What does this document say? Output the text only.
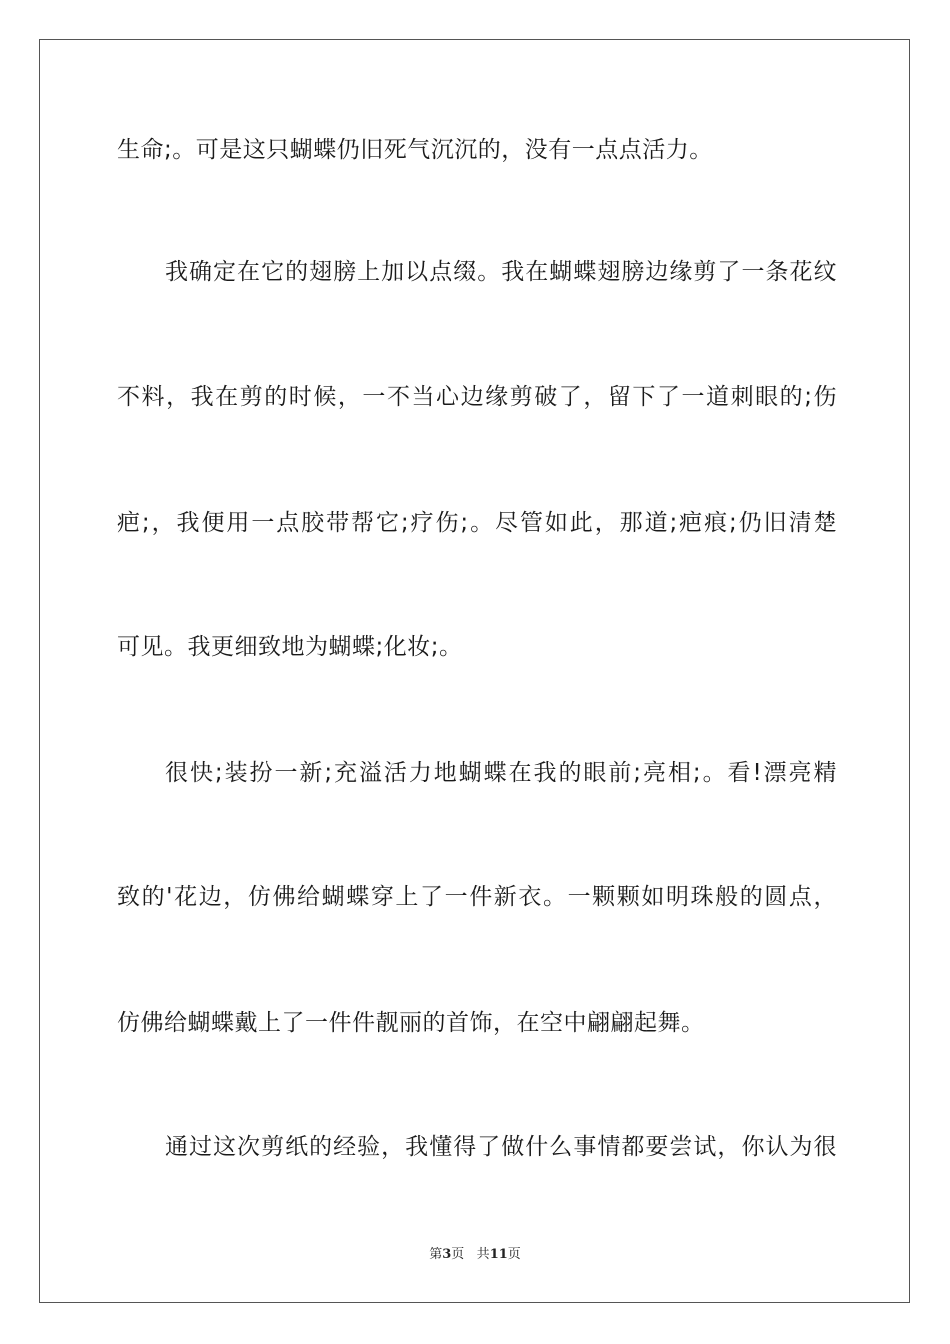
生命;。可是这只蝴蝶仍旧死气沉沉的，没有一点点活力。
我确定在它的翅膀上加以点缀。我在蝴蝶翅膀边缘剪了一条花纹
不料，我在剪的时候，一不当心边缘剪破了，留下了一道刺眼的;伤
疤;，我便用一点胶带帮它;疗伤;。尽管如此，那道;疤痕;仍旧清楚
可见。我更细致地为蝴蝶;化妆;。
很快;装扮一新;充溢活力地蝴蝶在我的眼前;亮相;。看!漂亮精
致的'花边，仿佛给蝴蝶穿上了一件新衣。一颗颗如明珠般的圆点，
仿佛给蝴蝶戴上了一件件靓丽的首饰，在空中翩翩起舞。
通过这次剪纸的经验，我懂得了做什么事情都要尝试，你认为很
第3页 共11页
